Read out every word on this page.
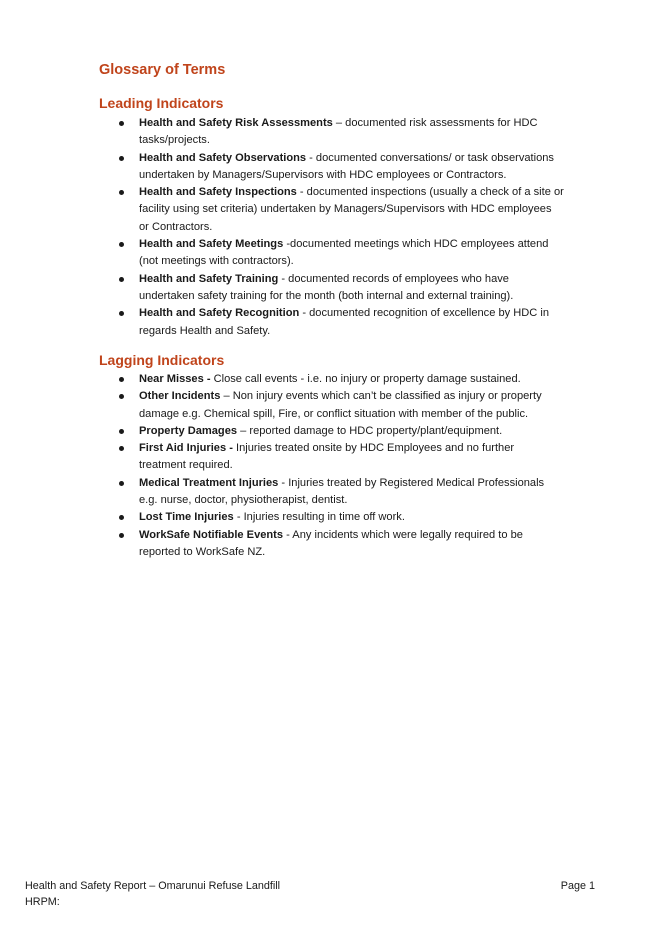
Glossary of Terms
Leading Indicators
Health and Safety Risk Assessments – documented risk assessments for HDC tasks/projects.
Health and Safety Observations - documented conversations/ or task observations undertaken by Managers/Supervisors with HDC employees or Contractors.
Health and Safety Inspections - documented inspections (usually a check of a site or facility using set criteria) undertaken by Managers/Supervisors with HDC employees or Contractors.
Health and Safety Meetings -documented meetings which HDC employees attend (not meetings with contractors).
Health and Safety Training - documented records of employees who have undertaken safety training for the month (both internal and external training).
Health and Safety Recognition - documented recognition of excellence by HDC in regards Health and Safety.
Lagging Indicators
Near Misses - Close call events - i.e. no injury or property damage sustained.
Other Incidents – Non injury events which can’t be classified as injury or property damage e.g. Chemical spill, Fire, or conflict situation with member of the public.
Property Damages – reported damage to HDC property/plant/equipment.
First Aid Injuries - Injuries treated onsite by HDC Employees and no further treatment required.
Medical Treatment Injuries - Injuries treated by Registered Medical Professionals e.g. nurse, doctor, physiotherapist, dentist.
Lost Time Injuries - Injuries resulting in time off work.
WorkSafe Notifiable Events - Any incidents which were legally required to be reported to WorkSafe NZ.
Health and Safety Report – Omarunui Refuse Landfill	Page 1
HRPM:
